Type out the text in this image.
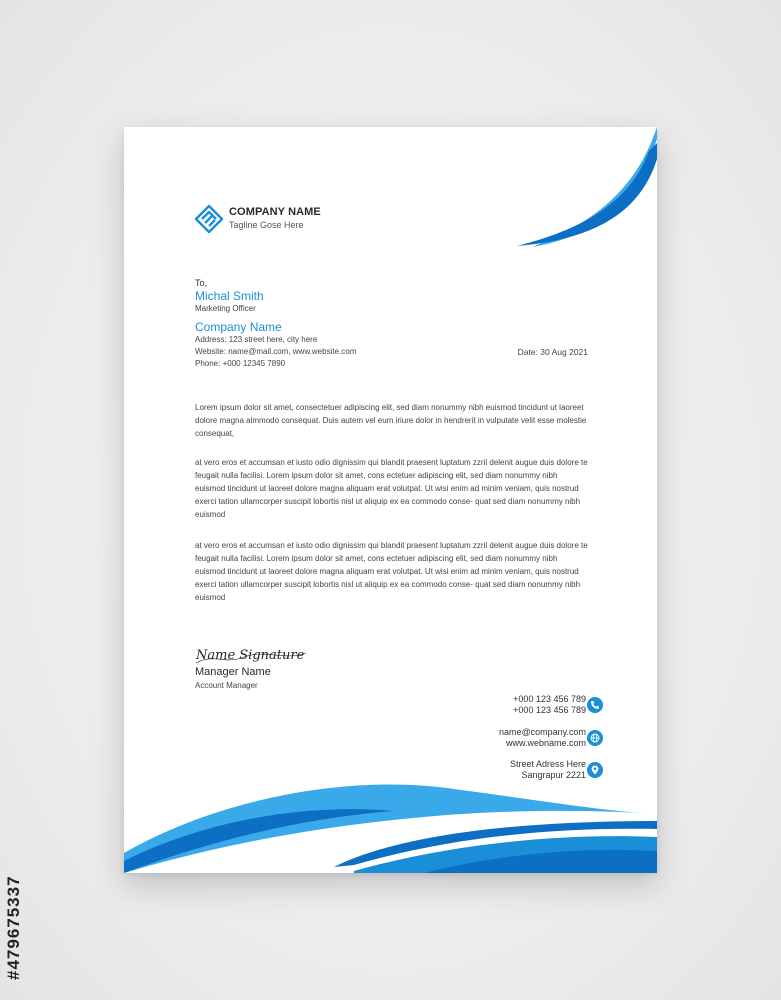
#479675337
COMPANY NAME
Tagline Gose Here
To,
Michal Smith
Marketing Officer
Company Name
Address: 123 street here, city here
Website: name@mail.com, www.website.com
Phone: +000 12345 7890
Date: 30 Aug 2021

Lorem ipsum dolor sit amet, consectetuer adipiscing elit, sed diam nonummy nibh euismod tincidunt ut laoreet dolore magna almmodo consequat. Duis autem vel eum iriure dolor in hendrerit in vulputate velit esse molestie consequat,

at vero eros et accumsan et iusto odio dignissim qui blandit praesent luptatum zzril delenit augue duis dolore te feugait nulla facilisi. Lorem ipsum dolor sit amet, cons ectetuer adipiscing elit, sed diam nonummy nibh euismod tincidunt ut laoreet dolore magna aliquam erat volutpat. Ut wisi enim ad minim veniam, quis nostrud exerci tation ullamcorper suscipit lobortis nisl ut aliquip ex ea commodo conse- quat sed diam nonummy nibh euismod

at vero eros et accumsan et iusto odio dignissim qui blandit praesent luptatum zzril delenit augue duis dolore te feugait nulla facilisi. Lorem ipsum dolor sit amet, cons ectetuer adipiscing elit, sed diam nonummy nibh euismod tincidunt ut laoreet dolore magna aliquam erat volutpat. Ut wisi enim ad minim veniam, quis nostrud exerci tation ullamcorper suscipit lobortis nisl ut aliquip ex ea commodo conse- quat sed diam nonummy nibh euismod

Name Signature
Manager Name
Account Manager
+000 123 456 789
+000 123 456 789
name@company.com
www.webname.com
Street Adress Here
Sangrapur 2221
